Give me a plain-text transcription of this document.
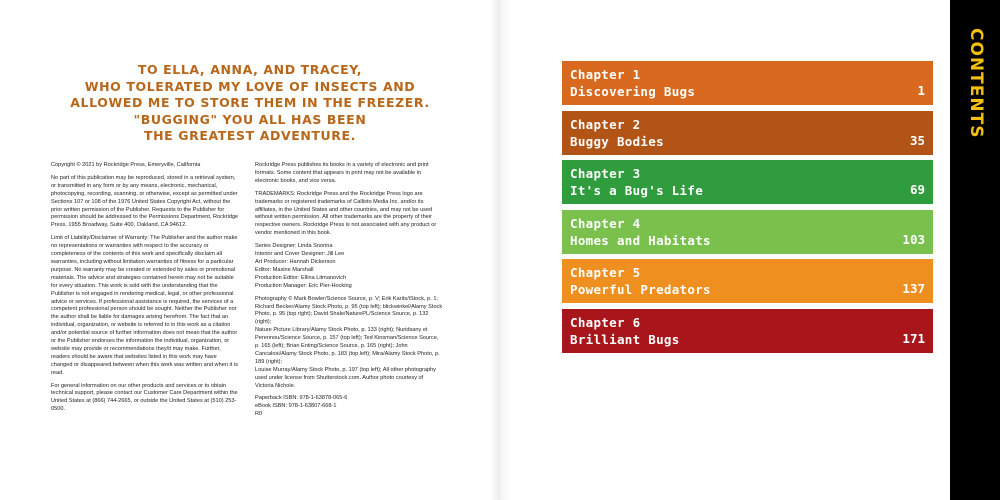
TO ELLA, ANNA, AND TRACEY,
WHO TOLERATED MY LOVE OF INSECTS AND
ALLOWED ME TO STORE THEM IN THE FREEZER.
"BUGGING" YOU ALL HAS BEEN
THE GREATEST ADVENTURE.

Copyright © 2021 by Rockridge Press, Emeryville, California

No part of this publication may be reproduced, stored in a retrieval system, or transmitted in any form or by any means, electronic, mechanical, photocopying, recording, scanning, or otherwise, except as permitted under Sections 107 or 108 of the 1976 United States Copyright Act, without the prior written permission of the Publisher. Requests to the Publisher for permission should be addressed to the Permissions Department, Rockridge Press, 1955 Broadway, Suite 400, Oakland, CA 94612.

Limit of Liability/Disclaimer of Warranty: The Publisher and the author make no representations or warranties with respect to the accuracy or completeness of the contents of this work and specifically disclaim all warranties, including without limitation warranties of fitness for a particular purpose. No warranty may be created or extended by sales or promotional materials. The advice and strategies contained herein may not be suitable for every situation. This work is sold with the understanding that the Publisher is not engaged in rendering medical, legal, or other professional advice or services. If professional assistance is required, the services of a competent professional person should be sought. Neither the Publisher nor the author shall be liable for damages arising herefrom. The fact that an individual, organization, or website is referred to in this work as a citation and/or potential source of further information does not mean that the author or the Publisher endorses the information the individual, organization, or website may provide or recommendations they/it may make. Further, readers should be aware that websites listed in this work may have changed or disappeared between when this work was written and when it is read.

For general information on our other products and services or to obtain technical support, please contact our Customer Care Department within the United States at (866) 744-2665, or outside the United States at (510) 253-0500.

Rockridge Press publishes its books in a variety of electronic and print formats. Some content that appears in print may not be available in electronic books, and vice versa.

TRADEMARKS: Rockridge Press and the Rockridge Press logo are trademarks or registered trademarks of Callisto Media Inc. and/or its affiliates, in the United States and other countries, and may not be used without written permission. All other trademarks are the property of their respective owners. Rockridge Press is not associated with any product or vendor mentioned in this book.

Series Designer: Linda Snorina
Interior and Cover Designer: Jill Lee
Art Producer: Hannah Dickerson
Editor: Maxine Marshall
Production Editor: Ellina Litmanovich
Production Manager: Eric Pier-Hocking

Photography © Mark Bowler/Science Source, p. V; Erik Karits/iStock, p. 1; Richard Becker/Alamy Stock Photo, p. 95 (top left); blickwinkel/Alamy Stock Photo, p. 95 (top right); David Shale/NaturePL/Science Source, p. 132 (right);
Nature Picture Library/Alamy Stock Photo, p. 133 (right); Nuridsany et Perennou/Science Source, p. 157 (top left); Ted Kinsman/Science Source, p. 165 (left); Brian Enting/Science Source, p. 165 (right); John Cancalosi/Alamy Stock Photo, p. 183 (top left); Mira/Alamy Stock Photo, p. 189 (right);
Louise Murray/Alamy Stock Photo, p. 197 (top left); All other photography used under license from Shutterstock.com. Author photo courtesy of Victoria Nichole.

Paperback ISBN: 978-1-63878-065-6
eBook ISBN: 978-1-63807-668-1
R0

Chapter 1
Discovering Bugs	1
Chapter 2
Buggy Bodies	35
Chapter 3
It's a Bug's Life	69
Chapter 4
Homes and Habitats	103
Chapter 5
Powerful Predators	137
Chapter 6
Brilliant Bugs	171
CONTENTS
